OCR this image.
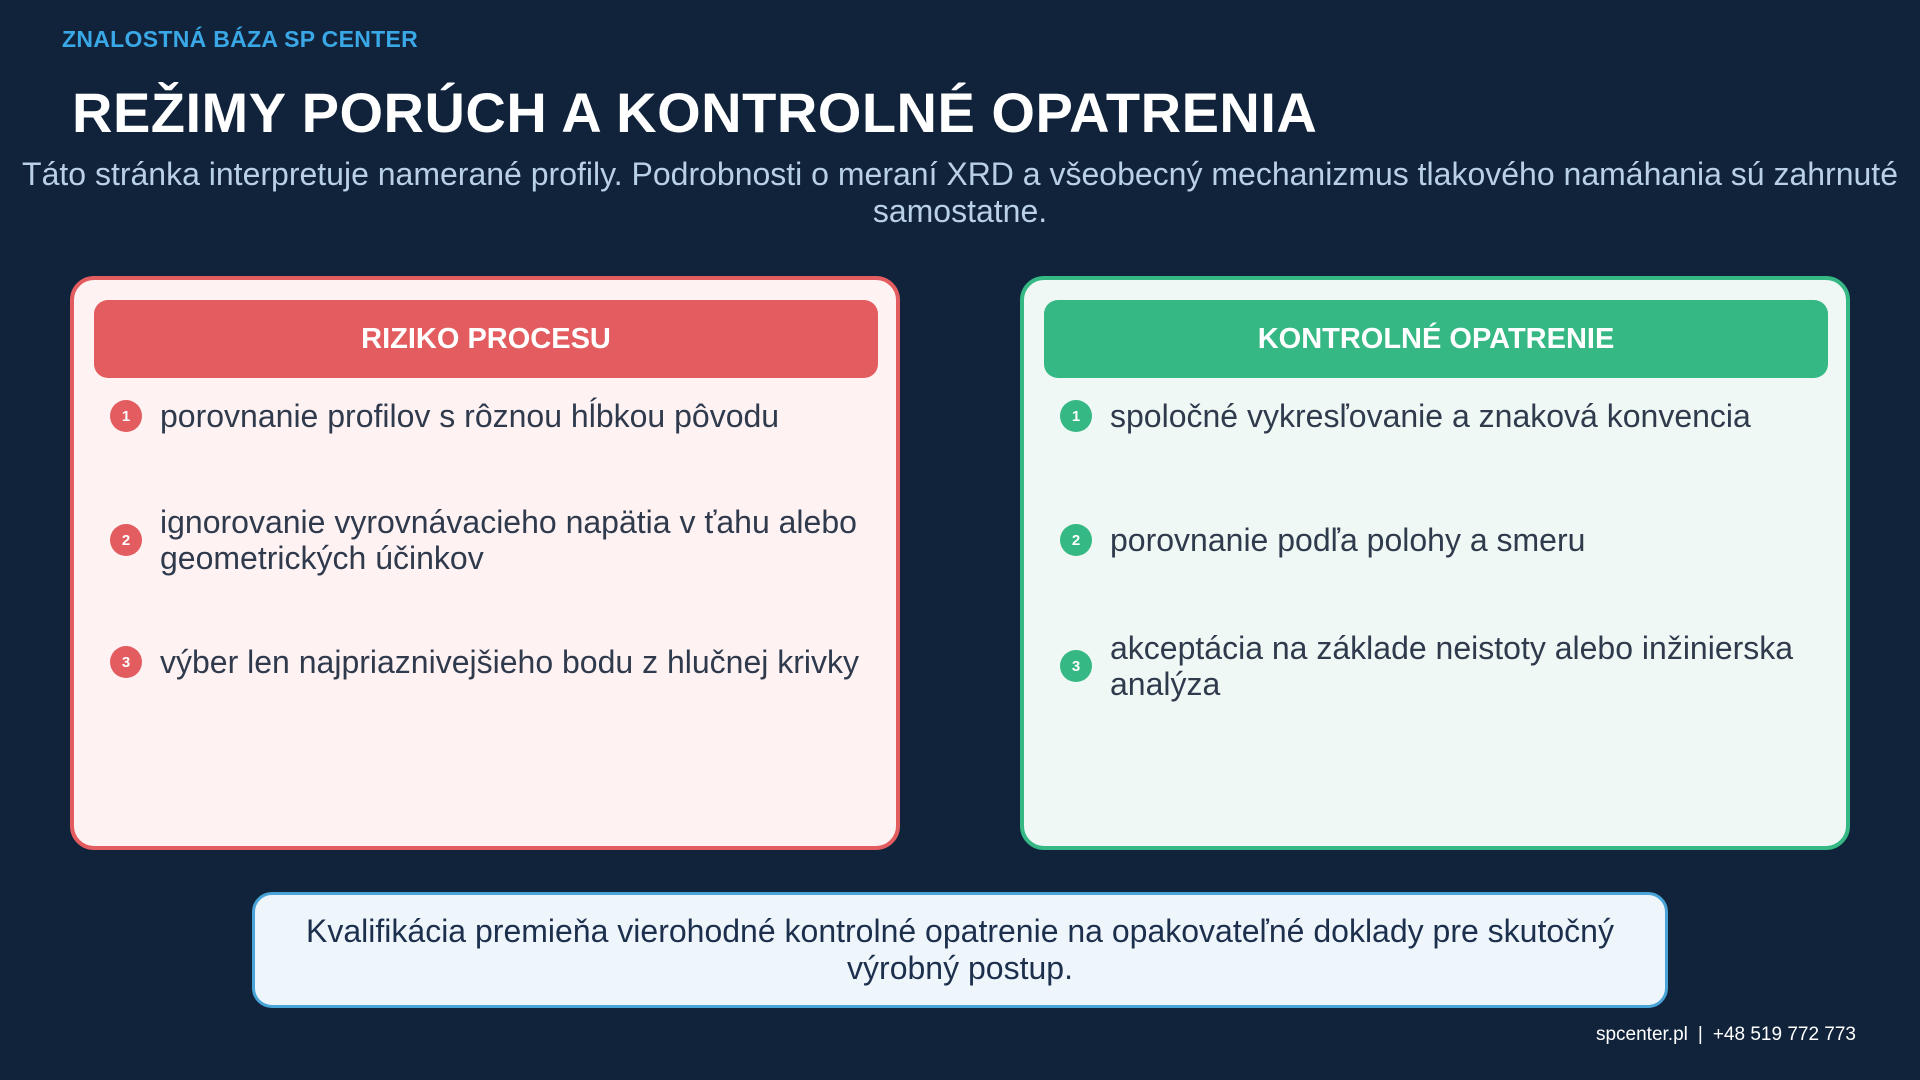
ZNALOSTNÁ BÁZA SP CENTER
REŽIMY PORÚCH A KONTROLNÉ OPATRENIA

Táto stránka interpretuje namerané profily. Podrobnosti o meraní XRD a všeobecný mechanizmus tlakového namáhania sú zahrnuté samostatne.

RIZIKO PROCESU
1 porovnanie profilov s rôznou hĺbkou pôvodu
2 ignorovanie vyrovnávacieho napätia v ťahu alebo geometrických účinkov
3 výber len najpriaznivejšieho bodu z hlučnej krivky
KONTROLNÉ OPATRENIE
1 spoločné vykresľovanie a znaková konvencia
2 porovnanie podľa polohy a smeru
3 akceptácia na základe neistoty alebo inžinierska analýza

Kvalifikácia premieňa vierohodné kontrolné opatrenie na opakovateľné doklady pre skutočný výrobný postup.

spcenter.pl | +48 519 772 773
